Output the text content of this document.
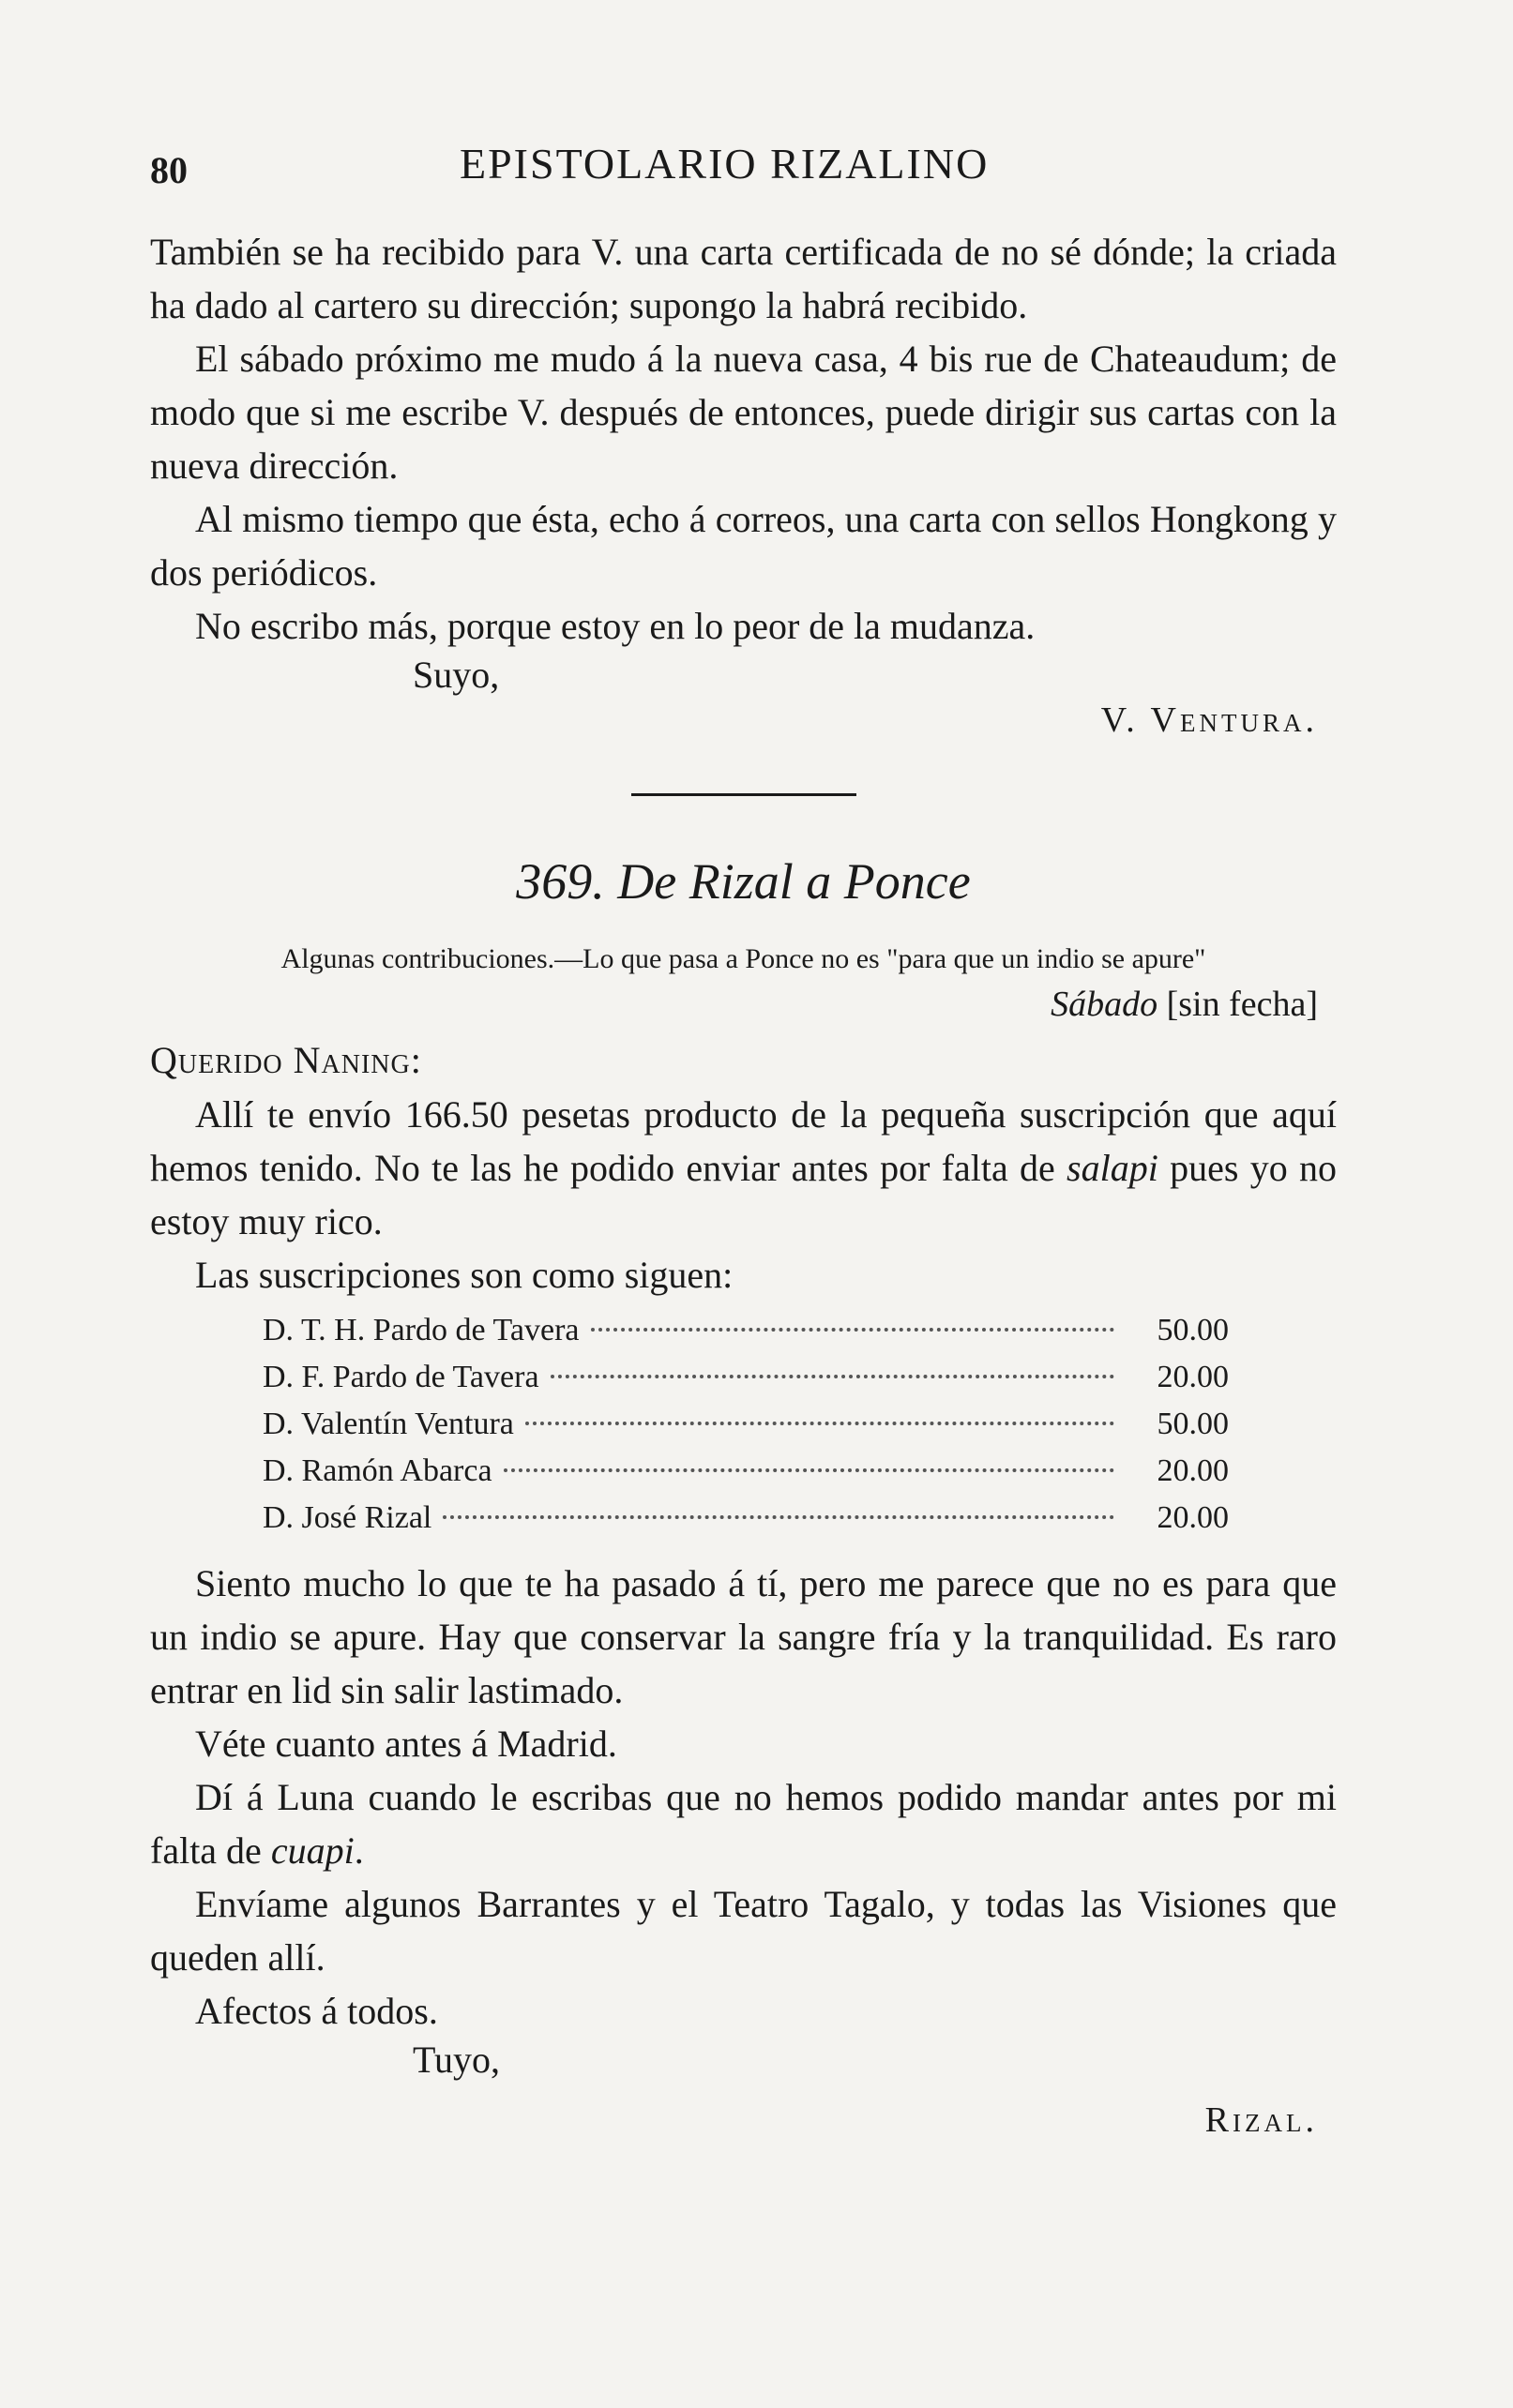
80	EPISTOLARIO RIZALINO

También se ha recibido para V. una carta certificada de no sé dónde; la criada ha dado al cartero su dirección; supongo la habrá recibido.

El sábado próximo me mudo á la nueva casa, 4 bis rue de Chateaudum; de modo que si me escribe V. después de entonces, puede dirigir sus cartas con la nueva dirección.

Al mismo tiempo que ésta, echo á correos, una carta con sellos Hongkong y dos periódicos.

No escribo más, porque estoy en lo peor de la mudanza.

Suyo,
V. Ventura.
369. De Rizal a Ponce
Algunas contribuciones.—Lo que pasa a Ponce no es "para que un indio se apure"
Sábado [sin fecha]
Querido Naning:

Allí te envío 166.50 pesetas producto de la pequeña suscripción que aquí hemos tenido. No te las he podido enviar antes por falta de salapi pues yo no estoy muy rico.

Las suscripciones son como siguen:

D. T. H. Pardo de Tavera	50.00
D. F. Pardo de Tavera	20.00
D. Valentín Ventura	50.00
D. Ramón Abarca	20.00
D. José Rizal	20.00

Siento mucho lo que te ha pasado á tí, pero me parece que no es para que un indio se apure. Hay que conservar la sangre fría y la tranquilidad. Es raro entrar en lid sin salir lastimado.

Véte cuanto antes á Madrid.

Dí á Luna cuando le escribas que no hemos podido mandar antes por mi falta de cuapi.

Envíame algunos Barrantes y el Teatro Tagalo, y todas las Visiones que queden allí.

Afectos á todos.

Tuyo,
Rizal.
